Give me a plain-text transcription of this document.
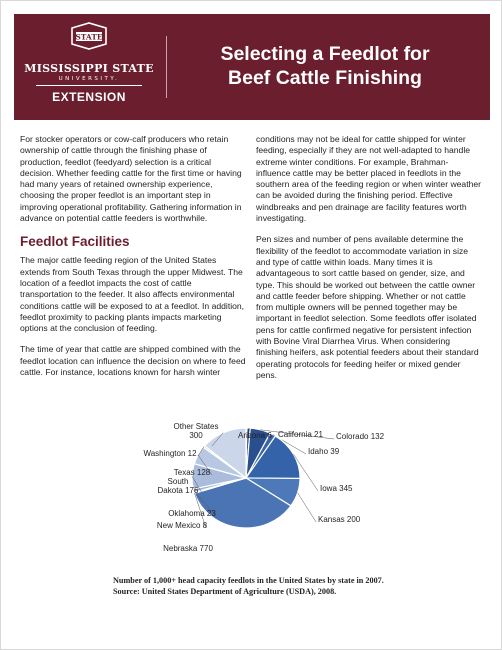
STATE
MISSISSIPPI STATE
UNIVERSITY.
EXTENSION
Selecting a Feedlot for
Beef Cattle Finishing

For stocker operators or cow-calf producers who retain ownership of cattle through the finishing phase of production, feedlot (feedyard) selection is a critical decision. Whether feeding cattle for the first time or having had many years of retained ownership experience, choosing the proper feedlot is an important step in improving operational profitability. Gathering information in advance on potential cattle feeders is worthwhile.

Feedlot Facilities

The major cattle feeding region of the United States extends from South Texas through the upper Midwest. The location of a feedlot impacts the cost of cattle transportation to the feeder. It also affects environmental conditions cattle will be exposed to at a feedlot. In addition, feedlot proximity to packing plants impacts marketing options at the conclusion of feeding.

The time of year that cattle are shipped combined with the feedlot location can influence the decision on where to feed cattle. For instance, locations known for harsh winter

conditions may not be ideal for cattle shipped for winter feeding, especially if they are not well-adapted to handle extreme winter conditions. For example, Brahman-influence cattle may be better placed in feedlots in the southern area of the feeding region or when winter weather can be avoided during the finishing period. Effective windbreaks and pen drainage are facility features worth investigating.

Pen sizes and number of pens available determine the flexibility of the feedlot to accommodate variation in size and type of cattle within loads. Many times it is advantageous to sort cattle based on gender, size, and type. This should be worked out between the cattle owner and cattle feeder before shipping. Whether or not cattle from multiple owners will be penned together may be important in feedlot selection. Some feedlots offer isolated pens for cattle confirmed negative for persistent infection with Bovine Viral Diarrhea Virus. When considering finishing heifers, ask potential feeders about their standard operating protocols for feeding heifer or mixed gender pens.

Arizona 6 California 21 Colorado 132
Idaho 39
Iowa 345
Kansas 200
Nebraska 770
New Mexico 8
Oklahoma 23
South Dakota 176
Texas 128
Washington 12
Other States 300
Number of 1,000+ head capacity feedlots in the United States by state in 2007.
Source: United States Department of Agriculture (USDA), 2008.
